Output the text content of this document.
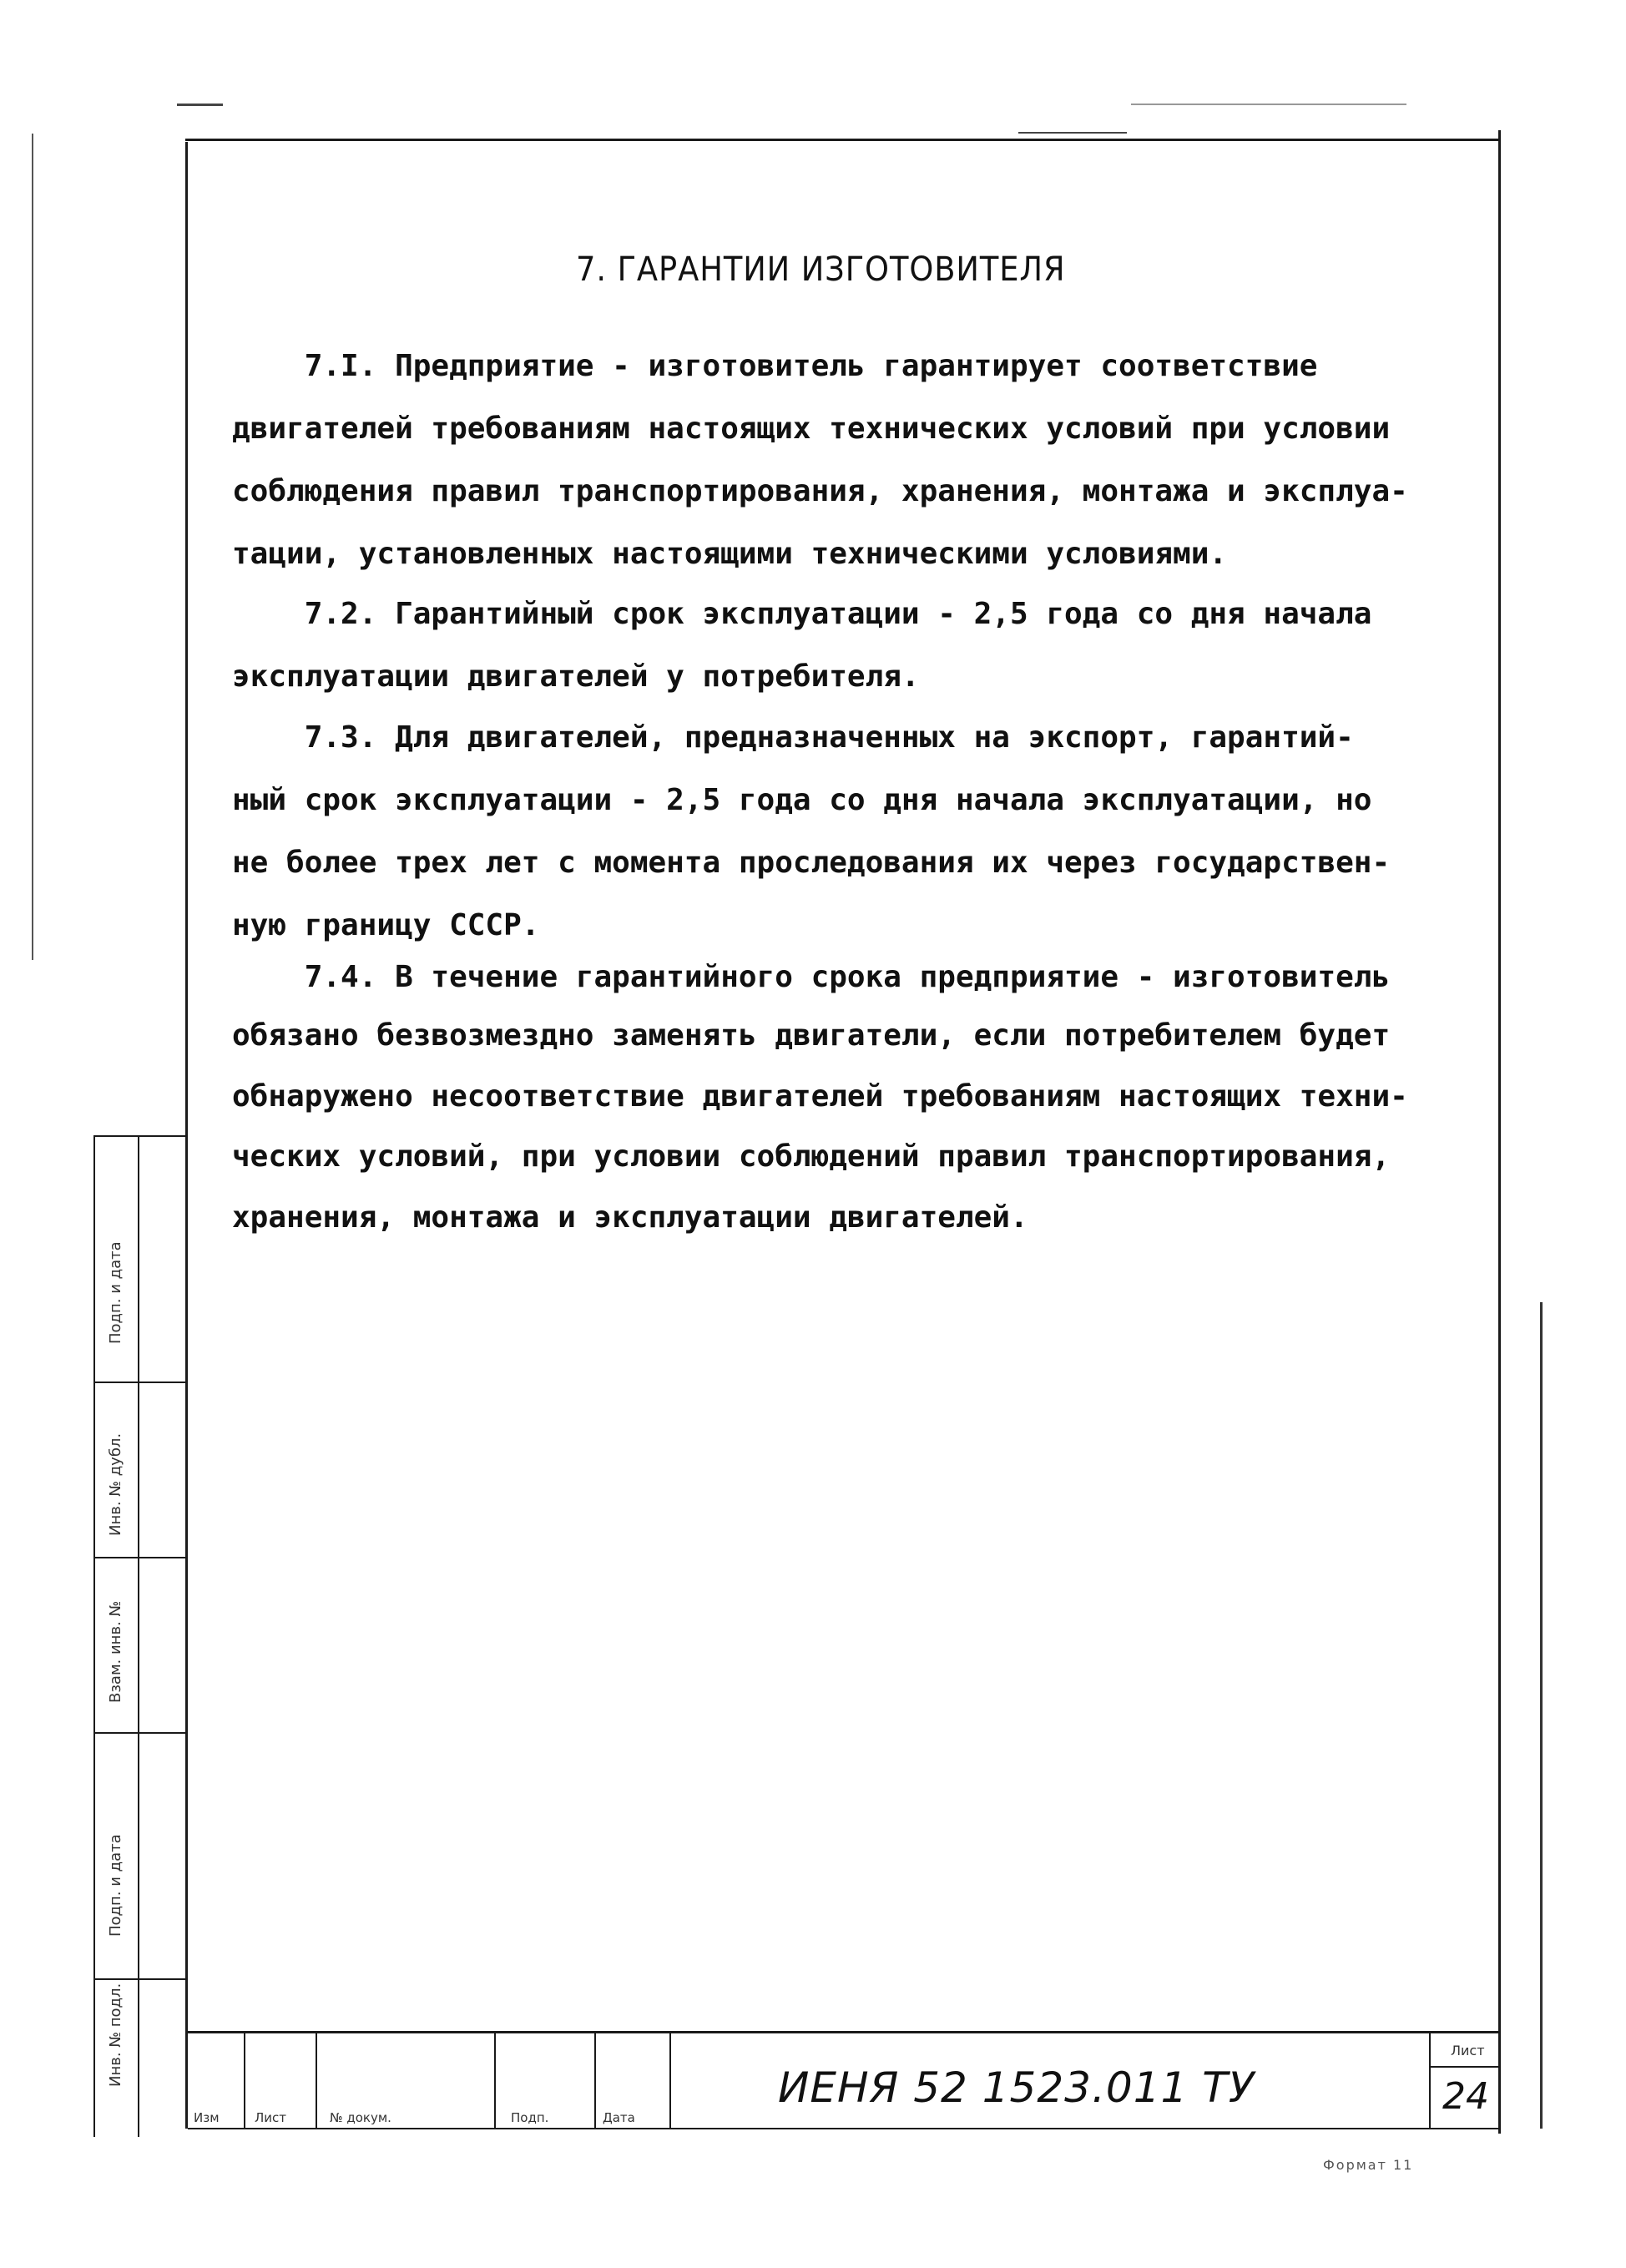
7. ГАРАНТИИ ИЗГОТОВИТЕЛЯ
7.I. Предприятие - изготовитель гарантирует соответствие
двигателей требованиям настоящих технических условий при условии
соблюдения правил транспортирования, хранения, монтажа и эксплуа-
тации, установленных настоящими техническими условиями.
7.2. Гарантийный срок эксплуатации - 2,5 года со дня начала
эксплуатации двигателей у потребителя.
7.3. Для двигателей, предназначенных на экспорт, гарантий-
ный срок эксплуатации - 2,5 года со дня начала эксплуатации, но
не более трех лет с момента проследования их через государствен-
ную границу СССР.
7.4. В течение гарантийного срока предприятие - изготовитель
обязано безвозмездно заменять двигатели, если потребителем будет
обнаружено несоответствие двигателей требованиям настоящих техни-
ческих условий, при условии соблюдений правил транспортирования,
хранения, монтажа и эксплуатации двигателей.
Подп. и дата
Инв. № дубл.
Взам. инв. №
Подп. и дата
Инв. № подл.
Изм	Лист	№ докум.	Подп.	Дата
ИЕНЯ 52 1523.011 ТУ
Лист
24
Формат 11
